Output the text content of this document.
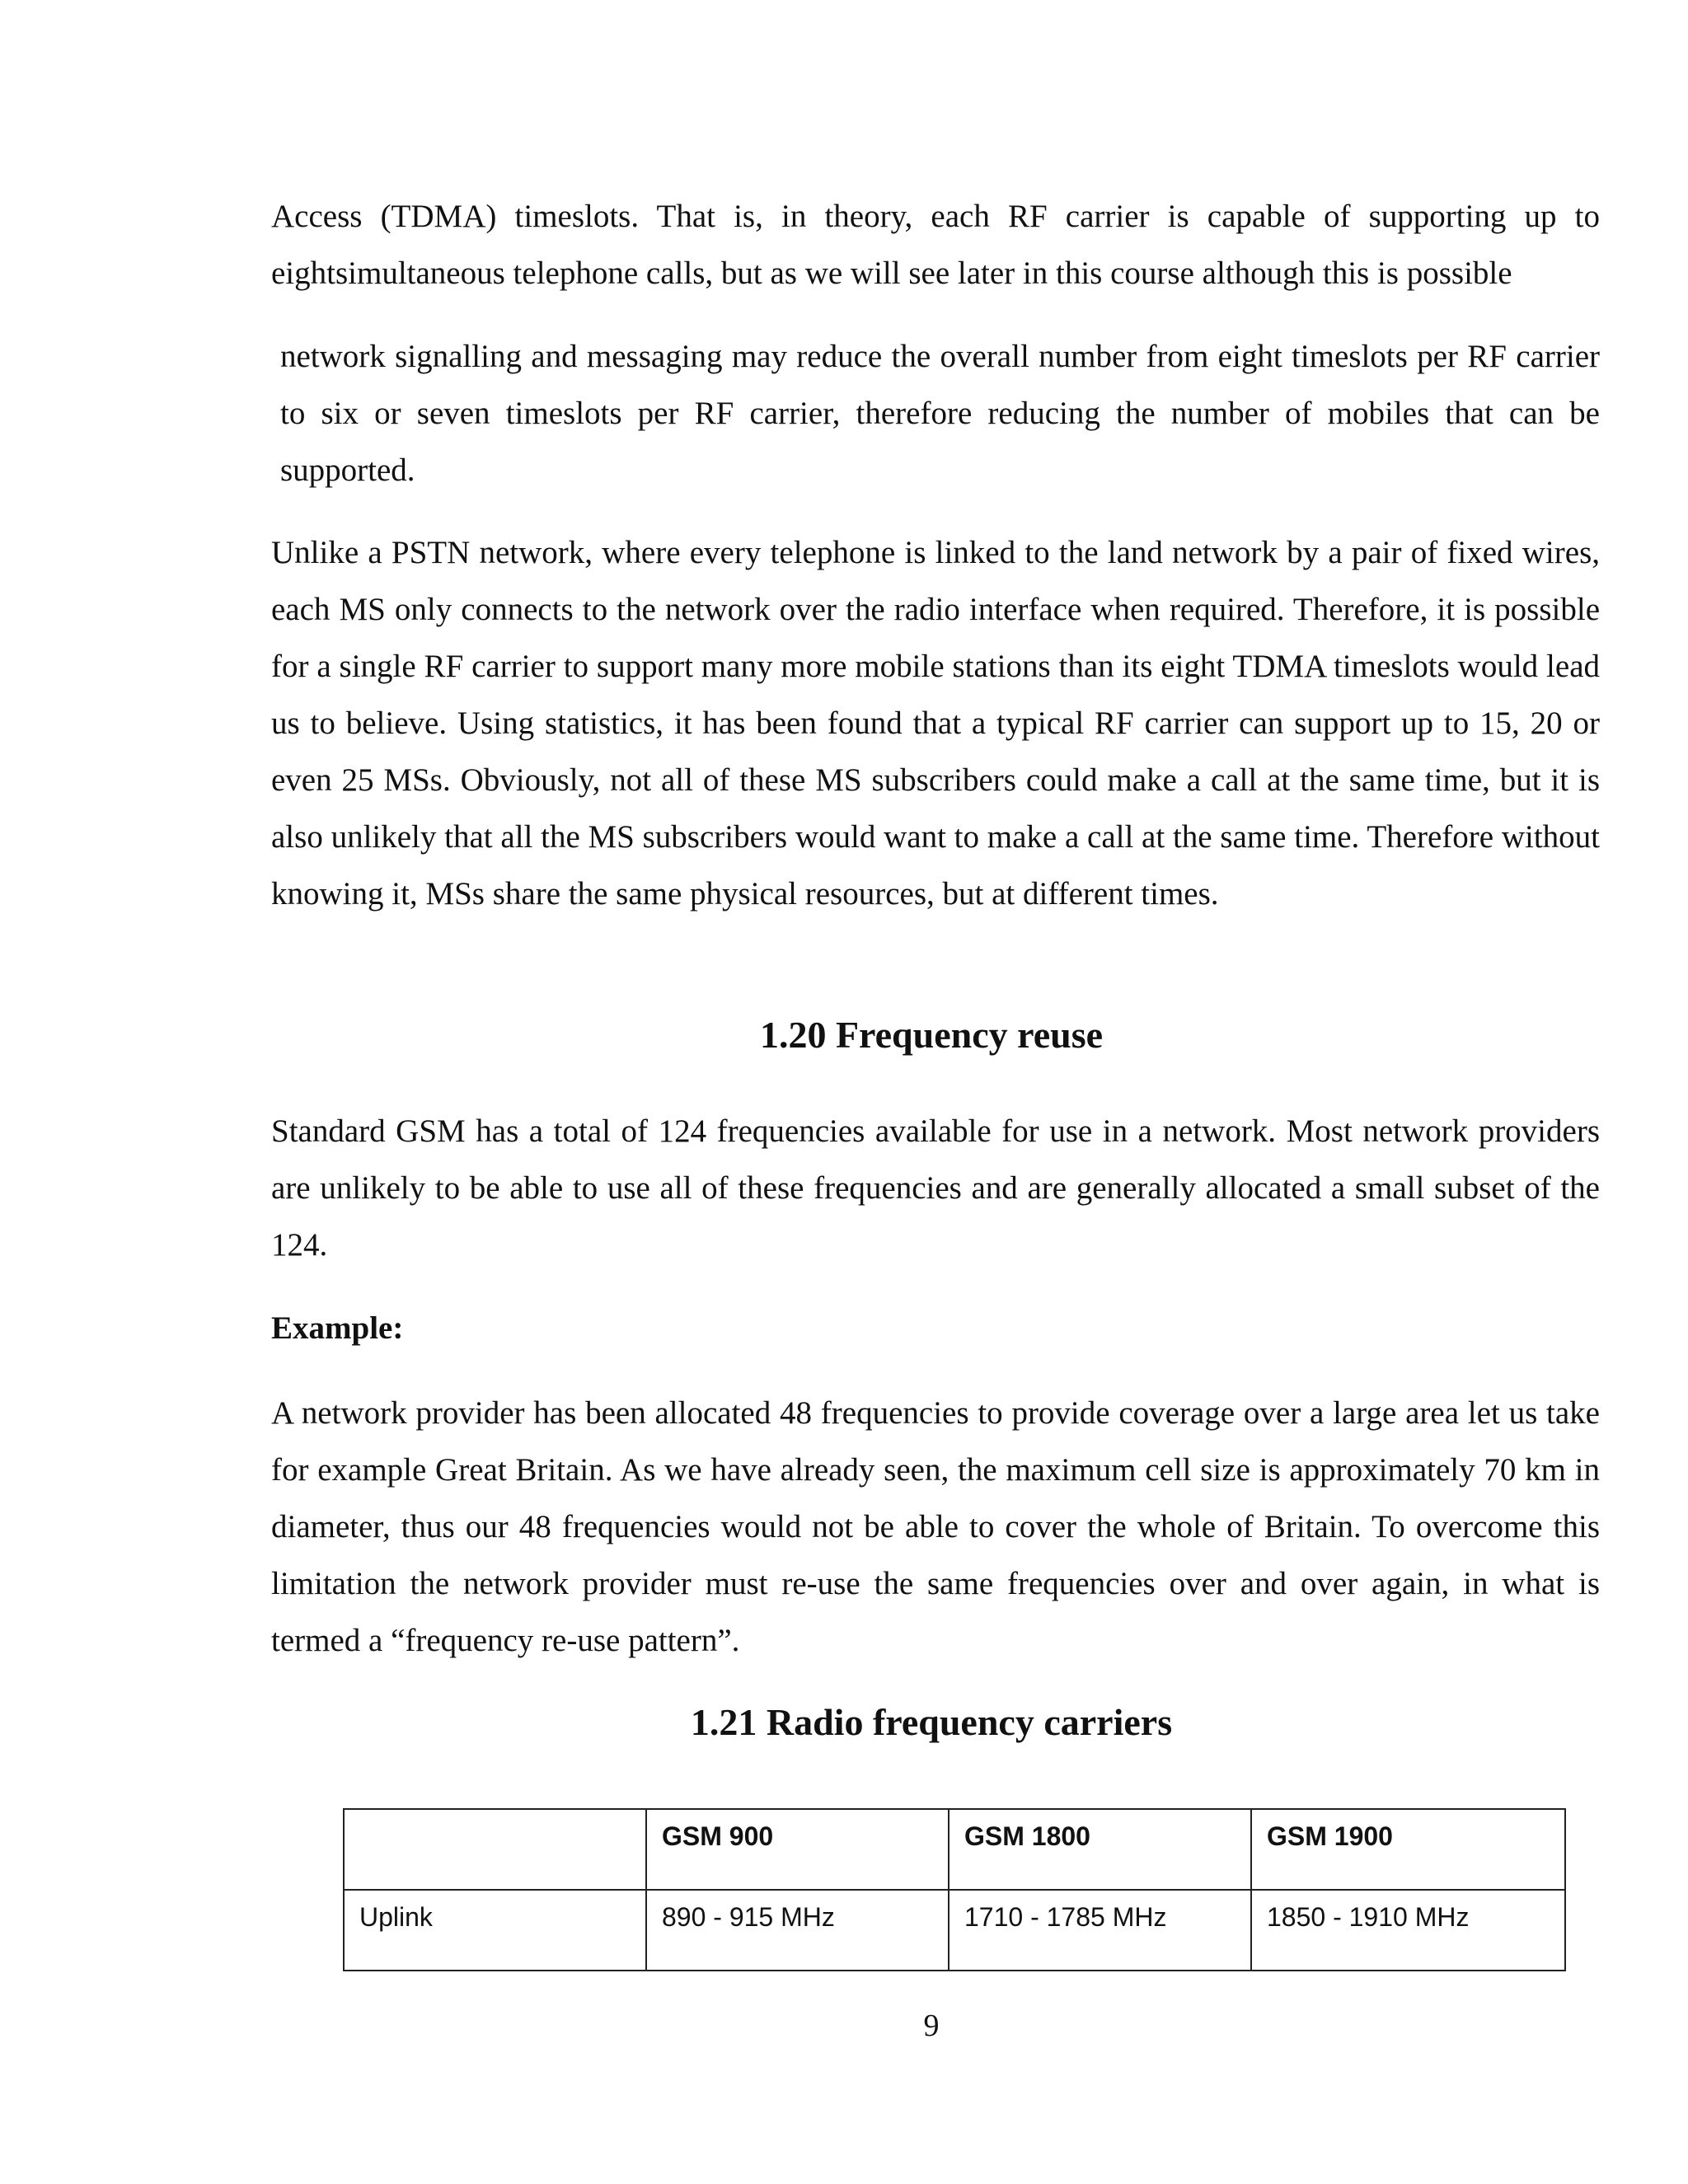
Access (TDMA) timeslots. That is, in theory, each RF carrier is capable of supporting up to eightsimultaneous telephone calls, but as we will see later in this course although this is possible

network signalling and messaging may reduce the overall number from eight timeslots per RF carrier to six or seven timeslots per RF carrier, therefore reducing the number of mobiles that can be supported.

Unlike a PSTN network, where every telephone is linked to the land network by a pair of fixed wires, each MS only connects to the network over the radio interface when required. Therefore, it is possible for a single RF carrier to support many more mobile stations than its eight TDMA timeslots would lead us to believe. Using statistics, it has been found that a typical RF carrier can support up to 15, 20 or even 25 MSs. Obviously, not all of these MS subscribers could make a call at the same time, but it is also unlikely that all the MS subscribers would want to make a call at the same time. Therefore without knowing it, MSs share the same physical resources, but at different times.

1.20 Frequency reuse

Standard GSM has a total of 124 frequencies available for use in a network. Most network providers are unlikely to be able to use all of these frequencies and are generally allocated a small subset of the 124.

Example:

A network provider has been allocated 48 frequencies to provide coverage over a large area let us take for example Great Britain. As we have already seen, the maximum cell size is approximately 70 km in diameter, thus our 48 frequencies would not be able to cover the whole of Britain. To overcome this limitation the network provider must re-use the same frequencies over and over again, in what is termed a “frequency re-use pattern”.

1.21 Radio frequency carriers
	GSM 900	GSM 1800	GSM 1900
Uplink	890 - 915 MHz	1710 - 1785 MHz	1850 - 1910 MHz

9
